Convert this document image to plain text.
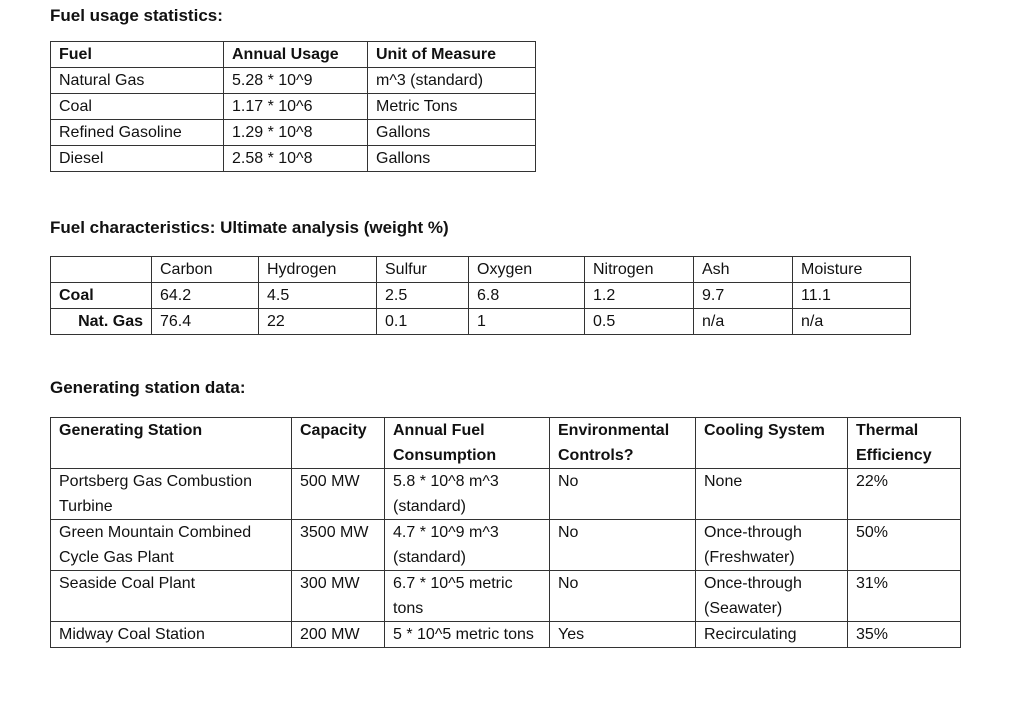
Fuel usage statistics:

Fuel	Annual Usage	Unit of Measure
Natural Gas	5.28 * 10^9	m^3 (standard)
Coal	1.17 * 10^6	Metric Tons
Refined Gasoline	1.29 * 10^8	Gallons
Diesel	2.58 * 10^8	Gallons

Fuel characteristics: Ultimate analysis (weight %)

	Carbon	Hydrogen	Sulfur	Oxygen	Nitrogen	Ash	Moisture
Coal	64.2	4.5	2.5	6.8	1.2	9.7	11.1
Nat. Gas	76.4	22	0.1	1	0.5	n/a	n/a

Generating station data:

Generating Station	Capacity	Annual Fuel Consumption	Environmental Controls?	Cooling System	Thermal Efficiency
Portsberg Gas Combustion Turbine	500 MW	5.8 * 10^8 m^3 (standard)	No	None	22%
Green Mountain Combined Cycle Gas Plant	3500 MW	4.7 * 10^9 m^3 (standard)	No	Once-through (Freshwater)	50%
Seaside Coal Plant	300 MW	6.7 * 10^5 metric tons	No	Once-through (Seawater)	31%
Midway Coal Station	200 MW	5 * 10^5 metric tons	Yes	Recirculating	35%
